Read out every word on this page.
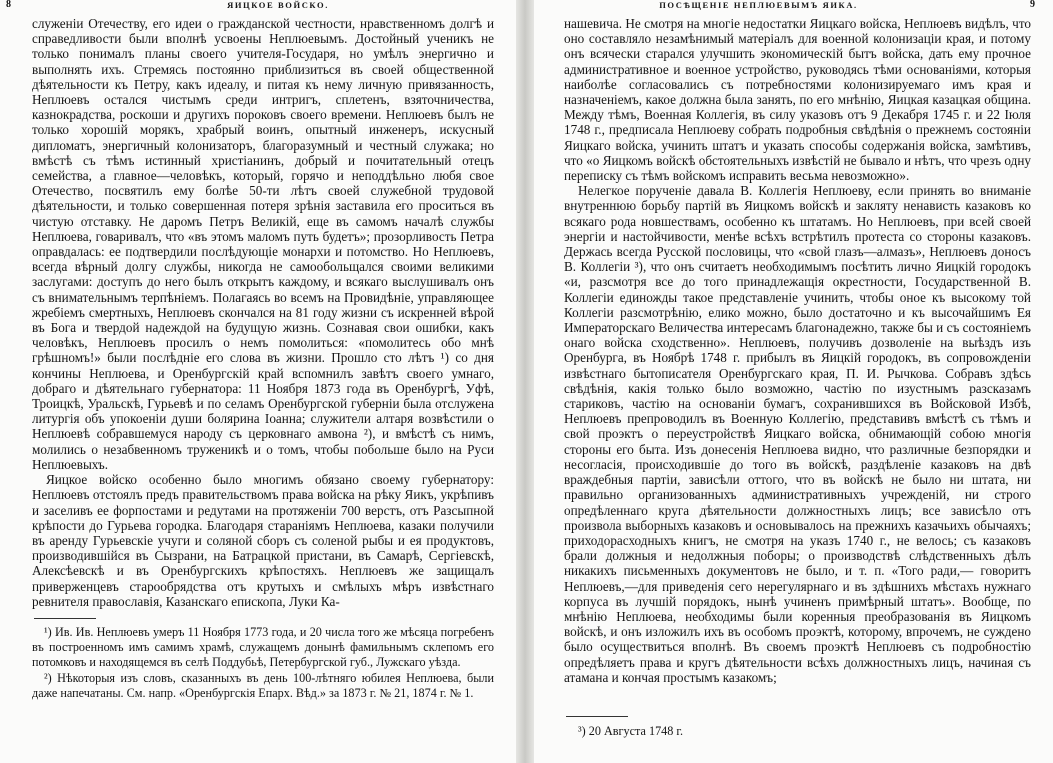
8	ЯИЦКОЕ ВОЙСКО.

служеніи Отечеству, его идеи о гражданской честности, нравственномъ долгѣ и справедливости были вполнѣ усвоены Неплюевымъ. Достойный ученикъ не только понималъ планы своего учителя-Государя, но умѣлъ энергично и выполнять ихъ. Стремясь постоянно приблизиться въ своей общественной дѣятельности къ Петру, какъ идеалу, и питая къ нему личную привязанность, Неплюевъ остался чистымъ среди интригъ, сплетенъ, взяточничества, казнокрадства, роскоши и другихъ пороковъ своего времени. Неплюевъ былъ не только хорошій морякъ, храбрый воинъ, опытный инженеръ, искусный дипломатъ, энергичный колонизаторъ, благоразумный и честный служака; но вмѣстѣ съ тѣмъ истинный христіанинъ, добрый и почитательный отецъ семейства, а главное—человѣкъ, который, горячо и неподдѣльно любя свое Отечество, посвятилъ ему болѣе 50-ти лѣтъ своей служебной трудовой дѣятельности, и только совершенная потеря зрѣнія заставила его проситься въ чистую отставку. Не даромъ Петръ Великій, еще въ самомъ началѣ службы Неплюева, говаривалъ, что «въ этомъ маломъ путь будетъ»; прозорливость Петра оправдалась: ее подтвердили послѣдующіе монархи и потомство. Но Неплюевъ, всегда вѣрный долгу службы, никогда не самообольщался своими великими заслугами: доступъ до него былъ открытъ каждому, и всякаго выслушивалъ онъ съ внимательнымъ терпѣніемъ. Полагаясь во всемъ на Провидѣніе, управляющее жребіемъ смертныхъ, Неплюевъ скончался на 81 году жизни съ искренней вѣрой въ Бога и твердой надеждой на будущую жизнь. Сознавая свои ошибки, какъ человѣкъ, Неплюевъ просилъ о немъ помолиться: «помолитесь обо мнѣ грѣшномъ!» были послѣдніе его слова въ жизни. Прошло сто лѣтъ ¹) со дня кончины Неплюева, и Оренбургскій край вспомнилъ завѣтъ своего умнаго, добраго и дѣятельнаго губернатора: 11 Ноября 1873 года въ Оренбургѣ, Уфѣ, Троицкѣ, Уральскѣ, Гурьевѣ и по селамъ Оренбургской губерніи была отслужена литургія объ упокоеніи души болярина Іоанна; служители алтаря возвѣстили о Неплюевѣ собравшемуся народу съ церковнаго амвона ²), и вмѣстѣ съ нимъ, молились о незабвенномъ труженикѣ и о томъ, чтобы побольше было на Руси Неплюевыхъ.

Яицкое войско особенно было многимъ обязано своему губернатору: Неплюевъ отстоялъ предъ правительствомъ права войска на рѣку Яикъ, укрѣпивъ и заселивъ ее форпостами и редутами на протяженіи 700 верстъ, отъ Разсыпной крѣпости до Гурьева городка. Благодаря стараніямъ Неплюева, казаки получили въ аренду Гурьевскіе учуги и соляной сборъ съ соленой рыбы и ея продуктовъ, производившійся въ Сызрани, на Батрацкой пристани, въ Самарѣ, Сергіевскѣ, Алексѣевскѣ и въ Оренбургскихъ крѣпостяхъ. Неплюевъ же защищалъ приверженцевъ старообрядства отъ крутыхъ и смѣлыхъ мѣръ извѣстнаго ревнителя православія, Казанскаго епископа, Луки Ка-

¹) Ив. Ив. Неплюевъ умеръ 11 Ноября 1773 года, и 20 числа того же мѣсяца погребенъ въ построенномъ имъ самимъ храмѣ, служащемъ донынѣ фамильнымъ склепомъ его потомковъ и находящемся въ селѣ Поддубьѣ, Петербургской губ., Лужскаго уѣзда.

²) Нѣкоторыя изъ словъ, сказанныхъ въ день 100-лѣтняго юбилея Неплюева, были даже напечатаны. См. напр. «Оренбургскія Епарх. Вѣд.» за 1873 г. № 21, 1874 г. № 1.

ПОСѢЩЕНІЕ НЕПЛЮЕВЫМЪ ЯИКА.	9

нашевича. Не смотря на многіе недостатки Яицкаго войска, Неплюевъ видѣлъ, что оно составляло незамѣнимый матеріалъ для военной колонизаціи края, и потому онъ всячески старался улучшить экономическій бытъ войска, дать ему прочное административное и военное устройство, руководясь тѣми основаніями, которыя наиболѣе согласовались съ потребностями колонизируемаго имъ края и назначеніемъ, какое должна была занять, по его мнѣнію, Яицкая казацкая община. Между тѣмъ, Военная Коллегія, въ силу указовъ отъ 9 Декабря 1745 г. и 22 Іюля 1748 г., предписала Неплюеву собрать подробныя свѣдѣнія о прежнемъ состояніи Яицкаго войска, учинить штатъ и указать способы содержанія войска, замѣтивъ, что «о Яицкомъ войскѣ обстоятельныхъ извѣстій не бывало и нѣтъ, что чрезъ одну переписку съ тѣмъ войскомъ исправить весьма невозможно».

Нелегкое порученіе давала В. Коллегія Неплюеву, если принять во вниманіе внутреннюю борьбу партій въ Яицкомъ войскѣ и закляту ненависть казаковъ ко всякаго рода новшествамъ, особенно къ штатамъ. Но Неплюевъ, при всей своей энергіи и настойчивости, менѣе всѣхъ встрѣтилъ протеста со стороны казаковъ. Держась всегда Русской пословицы, что «свой глазъ—алмазъ», Неплюевъ доносъ В. Коллегіи ³), что онъ считаетъ необходимымъ посѣтить лично Яицкій городокъ «и, разсмотря все до того принадлежащія окрестности, Государственной В. Коллегіи единожды такое представленіе учинить, чтобы оное къ высокому той Коллегіи разсмотрѣнію, елико можно, было достаточно и къ высочайшимъ Ея Императорскаго Величества интересамъ благонадежно, также бы и съ состояніемъ онаго войска сходственно». Неплюевъ, получивъ дозволеніе на выѣздъ изъ Оренбурга, въ Ноябрѣ 1748 г. прибылъ въ Яицкій городокъ, въ сопровожденіи извѣстнаго бытописателя Оренбургскаго края, П. И. Рычкова. Собравъ здѣсь свѣдѣнія, какія только было возможно, частію по изустнымъ разсказамъ стариковъ, частію на основаніи бумагъ, сохранившихся въ Войсковой Избѣ, Неплюевъ препроводилъ въ Военную Коллегію, представивъ вмѣстѣ съ тѣмъ и свой проэктъ о переустройствѣ Яицкаго войска, обнимающій собою многія стороны его быта. Изъ донесенія Неплюева видно, что различные безпорядки и несогласія, происходившіе до того въ войскѣ, раздѣленіе казаковъ на двѣ враждебныя партіи, зависѣли оттого, что въ войскѣ не было ни штата, ни правильно организованныхъ административныхъ учрежденій, ни строго опредѣленнаго круга дѣятельности должностныхъ лицъ; все зависѣло отъ произвола выборныхъ казаковъ и основывалось на прежнихъ казачьихъ обычаяхъ; приходорасходныхъ книгъ, не смотря на указъ 1740 г., не велось; съ казаковъ брали должныя и недолжныя поборы; о производствѣ слѣдственныхъ дѣлъ никакихъ письменныхъ документовъ не было, и т. п. «Того ради,— говоритъ Неплюевъ,—для приведенія сего нерегулярнаго и въ здѣшнихъ мѣстахъ нужнаго корпуса въ лучшій порядокъ, нынѣ учиненъ примѣрный штатъ». Вообще, по мнѣнію Неплюева, необходимы были коренныя преобразованія въ Яицкомъ войскѣ, и онъ изложилъ ихъ въ особомъ проэктѣ, которому, впрочемъ, не суждено было осуществиться вполнѣ. Въ своемъ проэктѣ Неплюевъ съ подробностію опредѣляетъ права и кругъ дѣятельности всѣхъ должностныхъ лицъ, начиная съ атамана и кончая простымъ казакомъ;

³) 20 Августа 1748 г.
